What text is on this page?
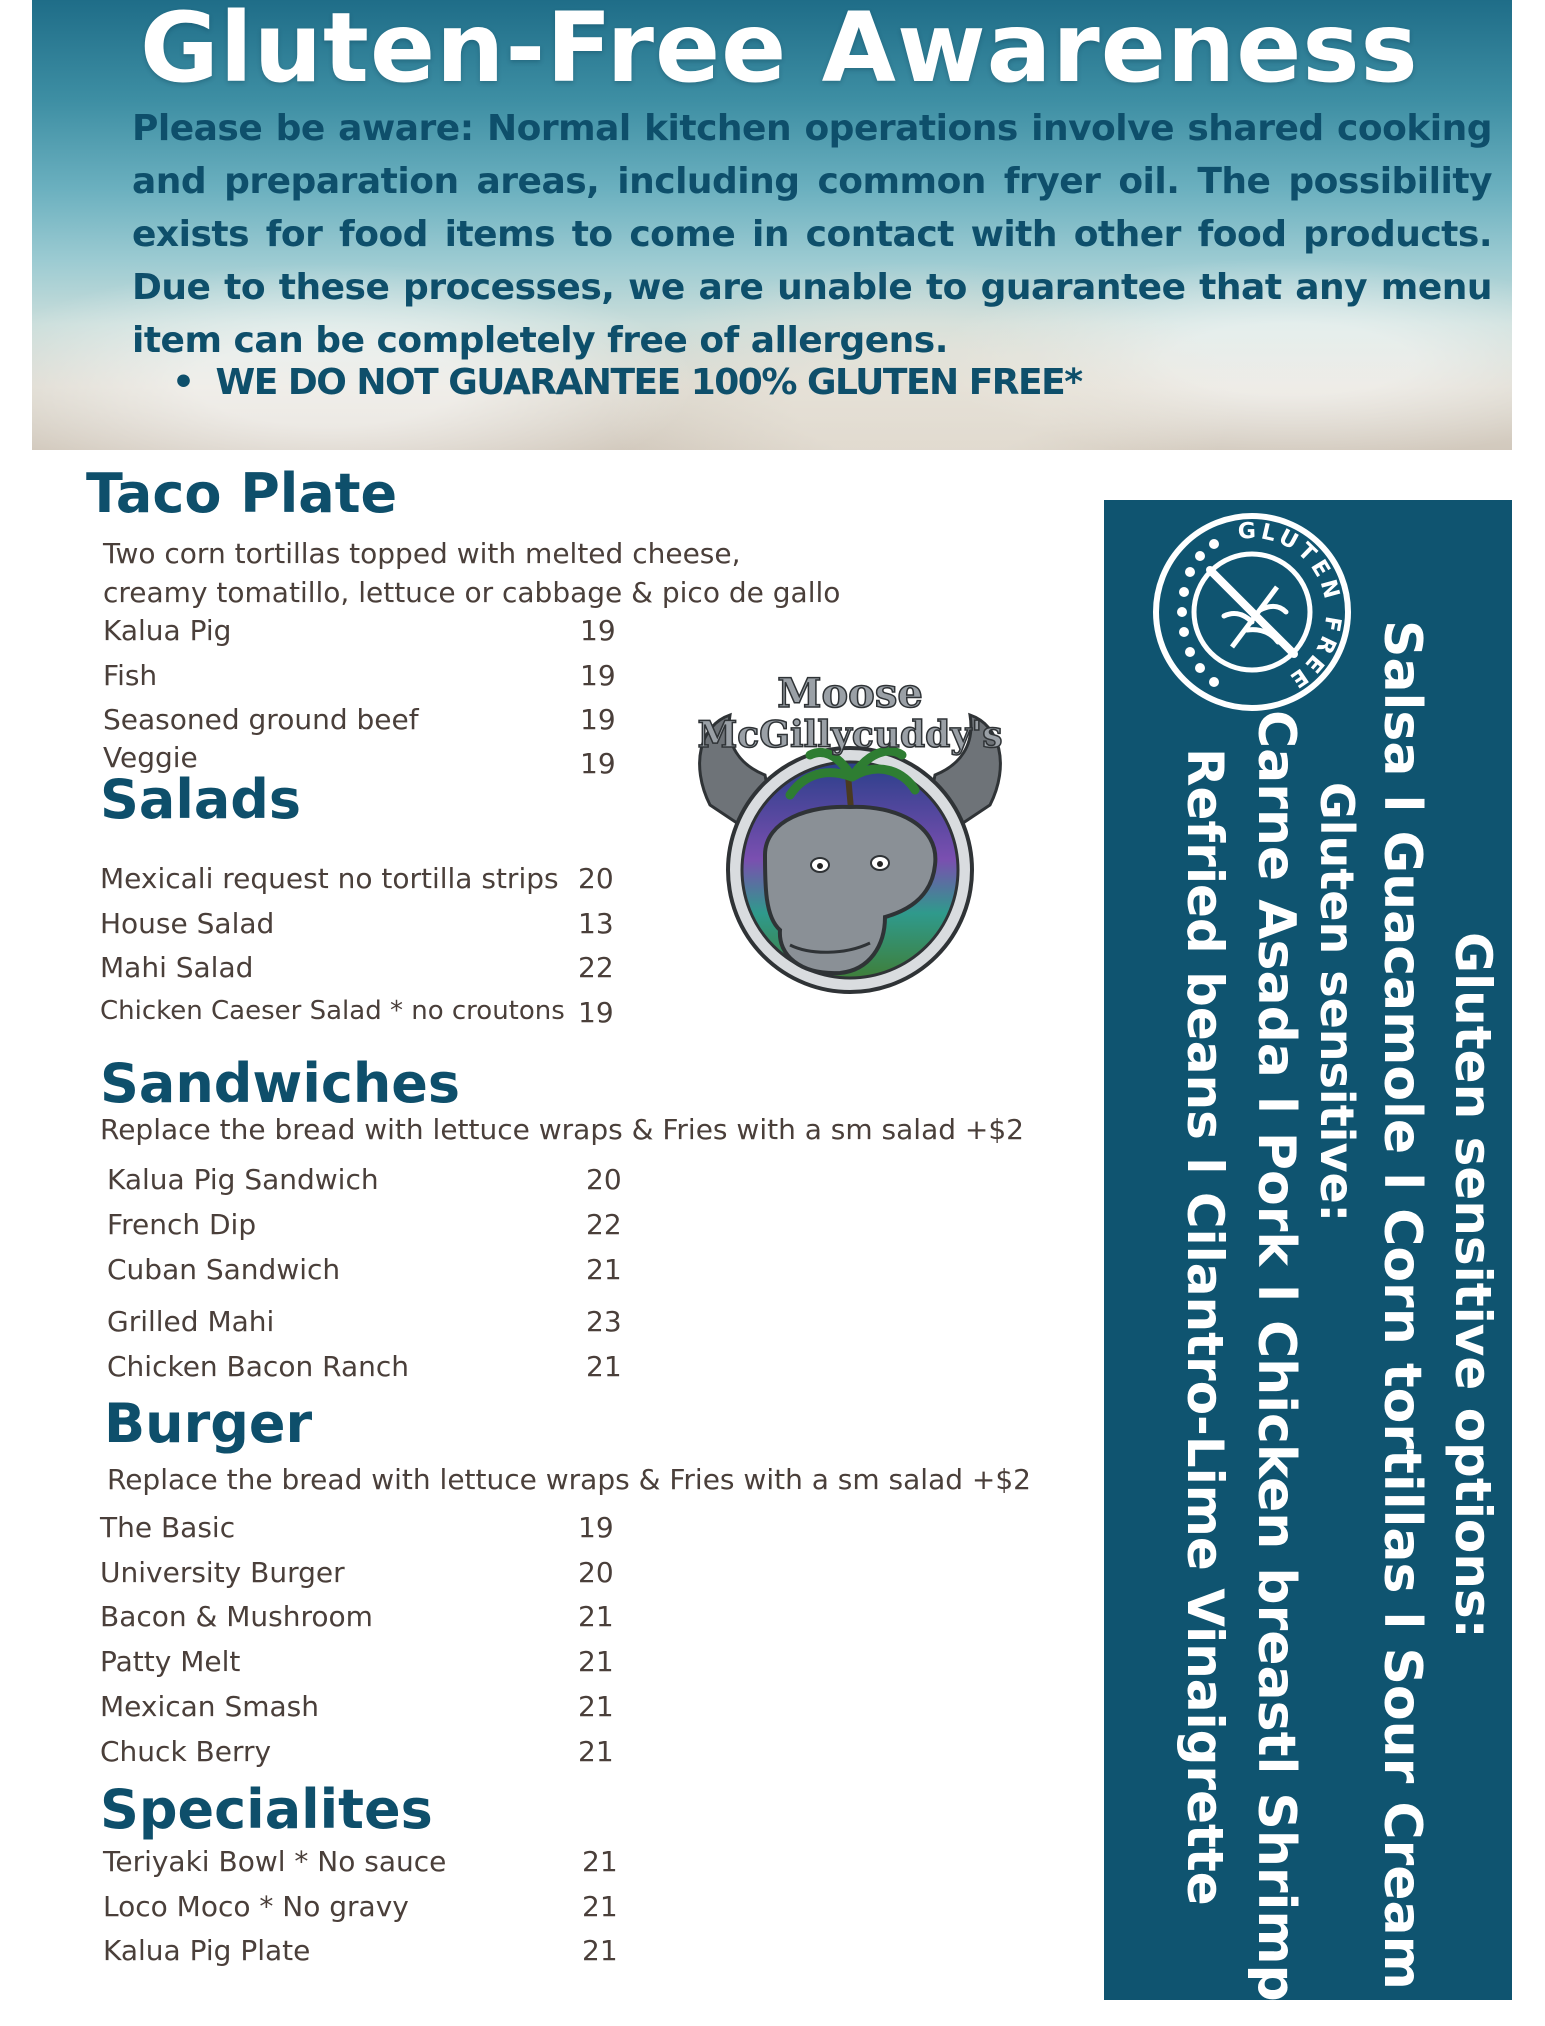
Gluten-Free Awareness

Please be aware: Normal kitchen operations involve shared cooking and preparation areas, including common fryer oil. The possibility exists for food items to come in contact with other food products. Due to these processes, we are unable to guarantee that any menu item can be completely free of allergens.

• WE DO NOT GUARANTEE 100% GLUTEN FREE*

Taco Plate

Two corn tortillas topped with melted cheese,

creamy tomatillo, lettuce or cabbage & pico de gallo

Kalua Pig	19
Fish	19
Seasoned ground beef	19
Veggie	19
Salads
Mexicali request no tortilla strips 20
House Salad	13
Mahi Salad	22
Chicken Caeser Salad * no croutons 19
Sandwiches

Replace the bread with lettuce wraps & Fries with a sm salad +$2

Kalua Pig Sandwich	20
French Dip	22
Cuban Sandwich	21
Grilled Mahi	23
Chicken Bacon Ranch	21
Burger

Replace the bread with lettuce wraps & Fries with a sm salad +$2

The Basic	19
University Burger	20
Bacon & Mushroom	21
Patty Melt	21
Mexican Smash	21
Chuck Berry	21
Specialites
Teriyaki Bowl * No sauce	21
Loco Moco * No gravy	21
Kalua Pig Plate	21
Moose
McGillycuddy's
GLUTEN FREE

Gluten sensitive options:

Salsa l Guacamole l Corn tortillas l Sour Cream l

Gluten sensitive:

Carne Asada l Pork l Chicken breastl Shrimp

Refried beans l Cilantro-Lime Vinaigrette
